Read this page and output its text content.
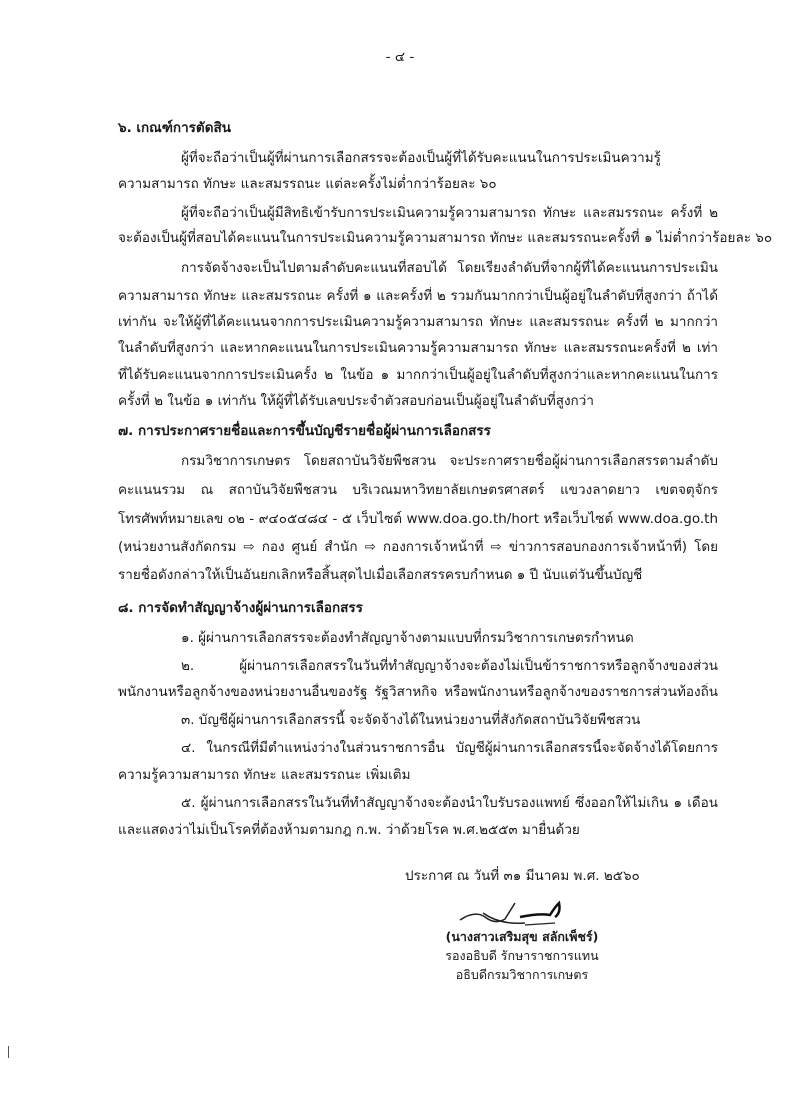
- ๔ -
๖. เกณฑ์การตัดสิน
ผู้ที่จะถือว่าเป็นผู้ที่ผ่านการเลือกสรรจะต้องเป็นผู้ที่ได้รับคะแนนในการประเมินความรู้
ความสามารถ ทักษะ และสมรรถนะ แต่ละครั้งไม่ต่ำกว่าร้อยละ ๖๐
ผู้ที่จะถือว่าเป็นผู้มีสิทธิเข้ารับการประเมินความรู้ความสามารถ ทักษะ และสมรรถนะ ครั้งที่ ๒
จะต้องเป็นผู้ที่สอบได้คะแนนในการประเมินความรู้ความสามารถ ทักษะ และสมรรถนะครั้งที่ ๑ ไม่ต่ำกว่าร้อยละ ๖๐
การจัดจ้างจะเป็นไปตามลำดับคะแนนที่สอบได้ โดยเรียงลำดับที่จากผู้ที่ได้คะแนนการประเมิน
ความสามารถ ทักษะ และสมรรถนะ ครั้งที่ ๑ และครั้งที่ ๒ รวมกันมากกว่าเป็นผู้อยู่ในลำดับที่สูงกว่า ถ้าได้
เท่ากัน จะให้ผู้ที่ได้คะแนนจากการประเมินความรู้ความสามารถ ทักษะ และสมรรถนะ ครั้งที่ ๒ มากกว่า
ในลำดับที่สูงกว่า และหากคะแนนในการประเมินความรู้ความสามารถ ทักษะ และสมรรถนะครั้งที่ ๒ เท่า
ที่ได้รับคะแนนจากการประเมินครั้ง ๒ ในข้อ ๑ มากกว่าเป็นผู้อยู่ในลำดับที่สูงกว่าและหากคะแนนในการ
ครั้งที่ ๒ ในข้อ ๑ เท่ากัน ให้ผู้ที่ได้รับเลขประจำตัวสอบก่อนเป็นผู้อยู่ในลำดับที่สูงกว่า
๗. การประกาศรายชื่อและการขึ้นบัญชีรายชื่อผู้ผ่านการเลือกสรร
กรมวิชาการเกษตร โดยสถาบันวิจัยพืชสวน จะประกาศรายชื่อผู้ผ่านการเลือกสรรตามลำดับ
คะแนนรวม ณ สถาบันวิจัยพืชสวน บริเวณมหาวิทยาลัยเกษตรศาสตร์ แขวงลาดยาว เขตจตุจักร
โทรศัพท์หมายเลข ๐๒ - ๙๔๐๕๔๘๔ - ๕ เว็บไซต์ www.doa.go.th/hort หรือเว็บไซต์ www.doa.go.th
(หน่วยงานสังกัดกรม ⇨ กอง ศูนย์ สำนัก ⇨ กองการเจ้าหน้าที่ ⇨ ข่าวการสอบกองการเจ้าหน้าที่) โดย
รายชื่อดังกล่าวให้เป็นอันยกเลิกหรือสิ้นสุดไปเมื่อเลือกสรรครบกำหนด ๑ ปี นับแต่วันขึ้นบัญชี
๘. การจัดทำสัญญาจ้างผู้ผ่านการเลือกสรร
๑. ผู้ผ่านการเลือกสรรจะต้องทำสัญญาจ้างตามแบบที่กรมวิชาการเกษตรกำหนด
๒. ผู้ผ่านการเลือกสรรในวันที่ทำสัญญาจ้างจะต้องไม่เป็นข้าราชการหรือลูกจ้างของส่วน
พนักงานหรือลูกจ้างของหน่วยงานอื่นของรัฐ รัฐวิสาหกิจ หรือพนักงานหรือลูกจ้างของราชการส่วนท้องถิ่น
๓. บัญชีผู้ผ่านการเลือกสรรนี้ จะจัดจ้างได้ในหน่วยงานที่สังกัดสถาบันวิจัยพืชสวน
๔. ในกรณีที่มีตำแหน่งว่างในส่วนราชการอื่น บัญชีผู้ผ่านการเลือกสรรนี้จะจัดจ้างได้โดยการ
ความรู้ความสามารถ ทักษะ และสมรรถนะ เพิ่มเติม
๕. ผู้ผ่านการเลือกสรรในวันที่ทำสัญญาจ้างจะต้องนำใบรับรองแพทย์ ซึ่งออกให้ไม่เกิน ๑ เดือน
และแสดงว่าไม่เป็นโรคที่ต้องห้ามตามกฎ ก.พ. ว่าด้วยโรค พ.ศ.๒๕๕๓ มายื่นด้วย
ประกาศ ณ วันที่ ๓๑ มีนาคม พ.ศ. ๒๕๖๐
(นางสาวเสริมสุข สลักเพ็ชร์)
รองอธิบดี รักษาราชการแทน
อธิบดีกรมวิชาการเกษตร
